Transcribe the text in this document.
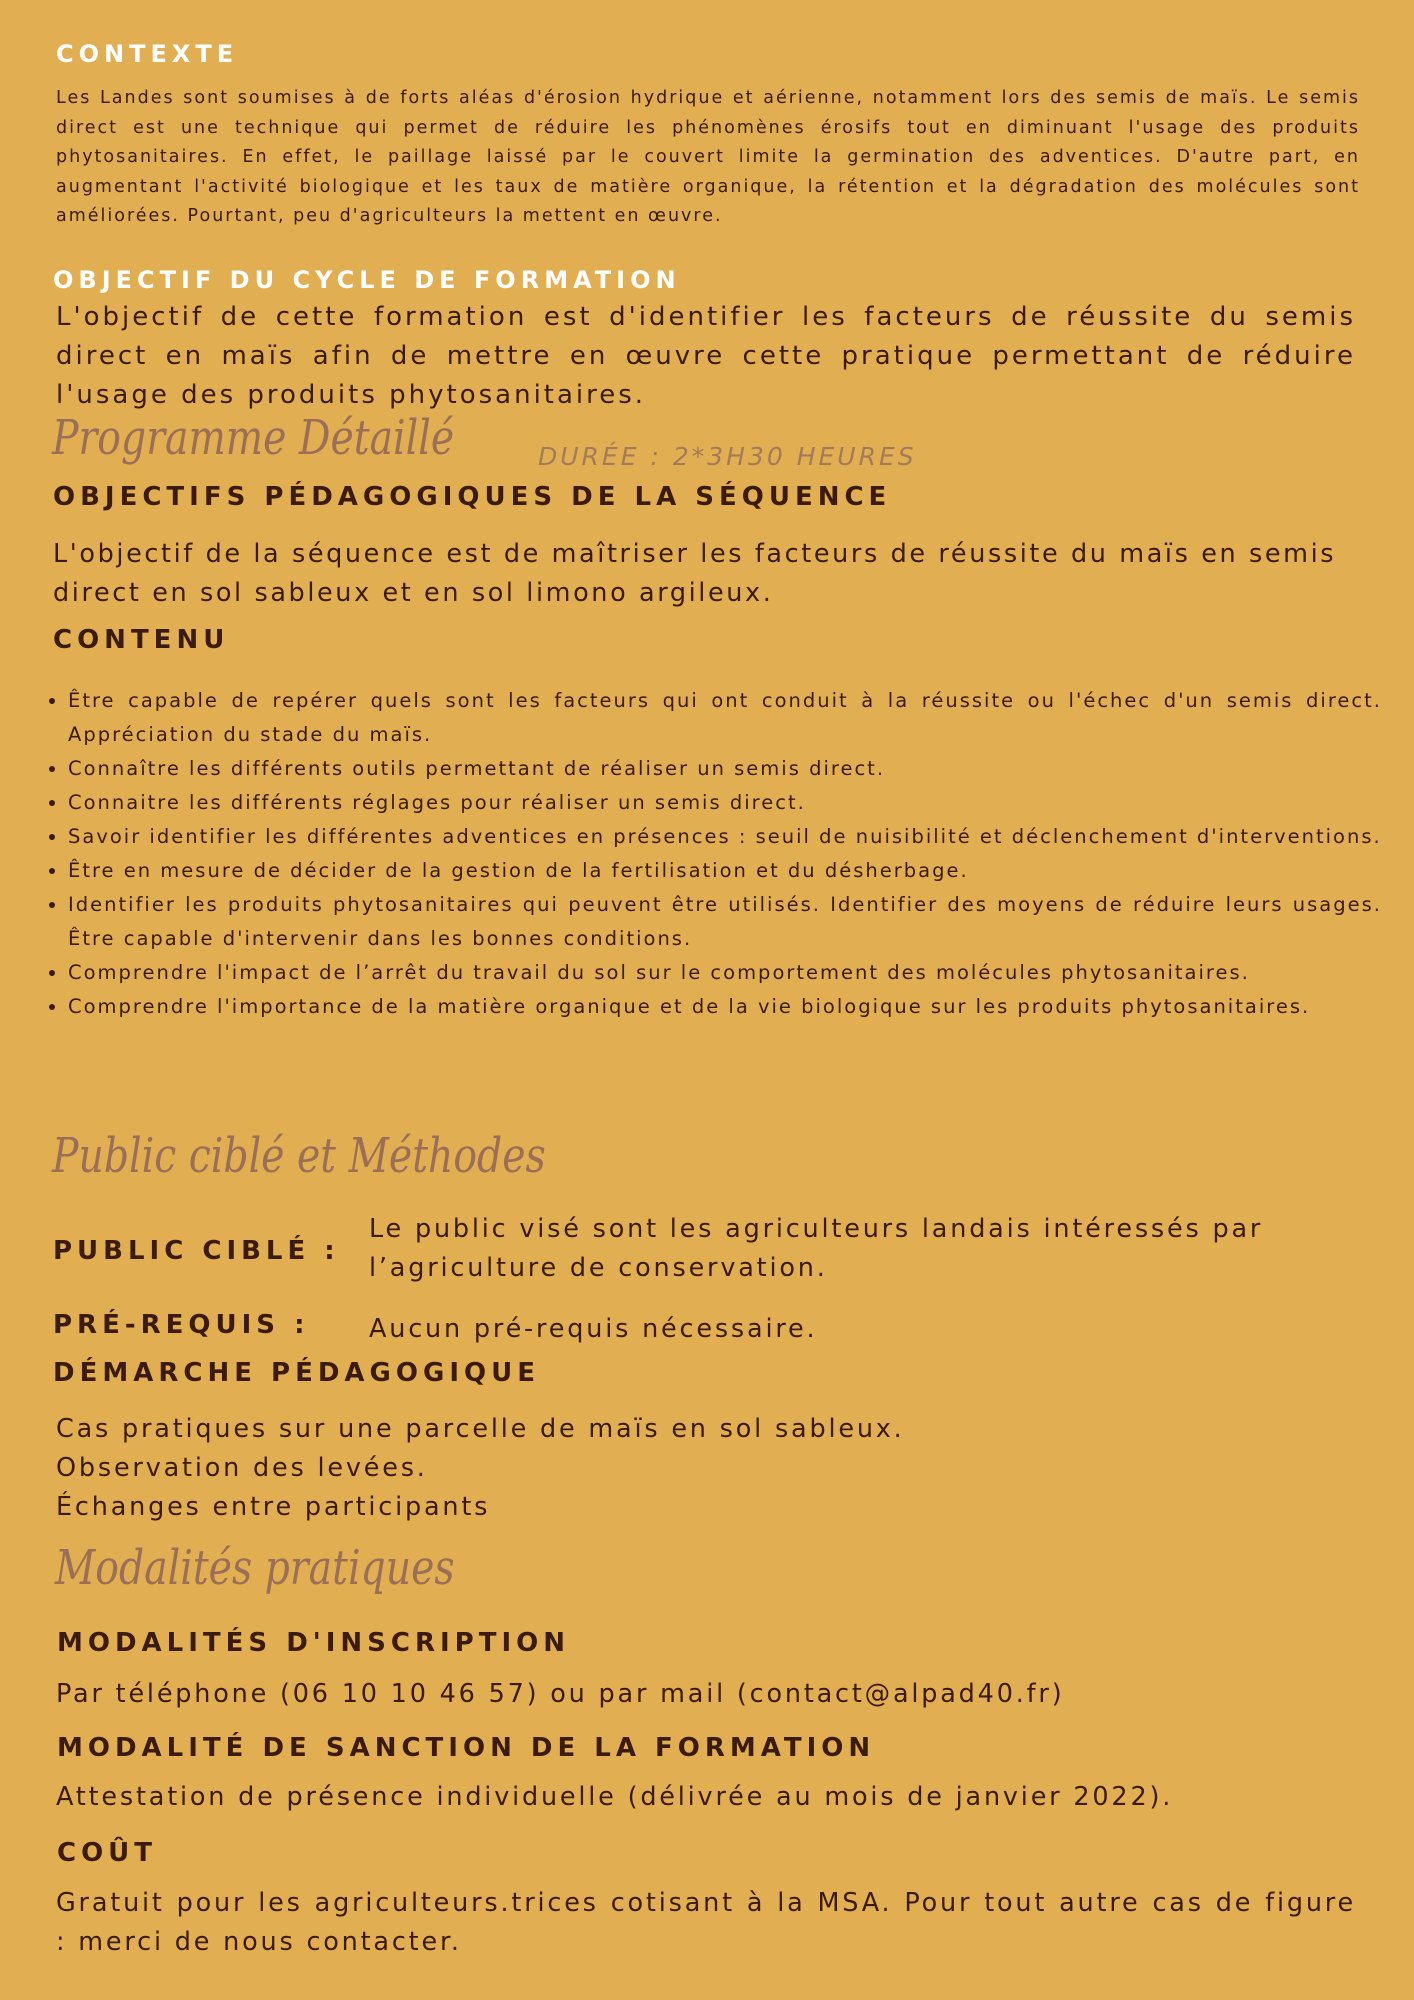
CONTEXTE
Les Landes sont soumises à de forts aléas d'érosion hydrique et aérienne, notamment lors des semis de maïs. Le semis direct est une technique qui permet de réduire les phénomènes érosifs tout en diminuant l'usage des produits phytosanitaires. En effet, le paillage laissé par le couvert limite la germination des adventices. D'autre part, en augmentant l'activité biologique et les taux de matière organique, la rétention et la dégradation des molécules sont améliorées. Pourtant, peu d'agriculteurs la mettent en œuvre.
OBJECTIF DU CYCLE DE FORMATION
L'objectif de cette formation est d'identifier les facteurs de réussite du semis direct en maïs afin de mettre en œuvre cette pratique permettant de réduire l'usage des produits phytosanitaires.
Programme Détaillé	DURÉE : 2*3H30 HEURES
OBJECTIFS PÉDAGOGIQUES DE LA SÉQUENCE
L'objectif de la séquence est de maîtriser les facteurs de réussite du maïs en semis direct en sol sableux et en sol limono argileux.
CONTENU
• Être capable de repérer quels sont les facteurs qui ont conduit à la réussite ou l'échec d'un semis direct. Appréciation du stade du maïs.
• Connaître les différents outils permettant de réaliser un semis direct.
• Connaitre les différents réglages pour réaliser un semis direct.
• Savoir identifier les différentes adventices en présences : seuil de nuisibilité et déclenchement d'interventions.
• Être en mesure de décider de la gestion de la fertilisation et du désherbage.
• Identifier les produits phytosanitaires qui peuvent être utilisés. Identifier des moyens de réduire leurs usages. Être capable d'intervenir dans les bonnes conditions.
• Comprendre l'impact de l’arrêt du travail du sol sur le comportement des molécules phytosanitaires.
• Comprendre l'importance de la matière organique et de la vie biologique sur les produits phytosanitaires.
Public ciblé et Méthodes
PUBLIC CIBLÉ :
Le public visé sont les agriculteurs landais intéressés par l’agriculture de conservation.
PRÉ-REQUIS : Aucun pré-requis nécessaire.
DÉMARCHE PÉDAGOGIQUE
Cas pratiques sur une parcelle de maïs en sol sableux.
Observation des levées.
Échanges entre participants
Modalités pratiques
MODALITÉS D'INSCRIPTION
Par téléphone (06 10 10 46 57) ou par mail (contact@alpad40.fr)
MODALITÉ DE SANCTION DE LA FORMATION
Attestation de présence individuelle (délivrée au mois de janvier 2022).
COÛT
Gratuit pour les agriculteurs.trices cotisant à la MSA. Pour tout autre cas de figure : merci de nous contacter.
